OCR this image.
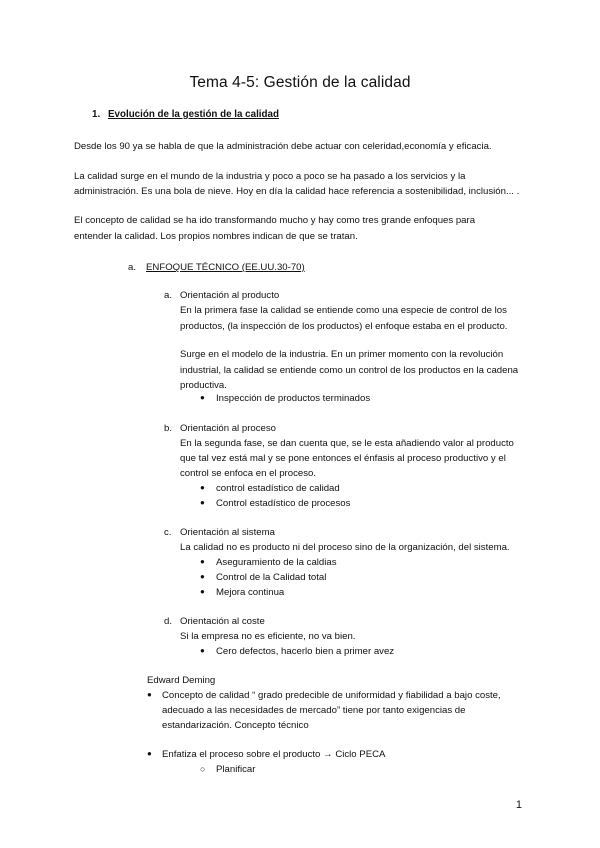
Tema 4-5: Gestión de la calidad
1. Evolución de la gestión de la calidad
Desde los 90 ya se habla de que la administración debe actuar con celeridad,economía y eficacia.
La calidad surge en el mundo de la industria y poco a poco se ha pasado a los servicios y la
administración. Es una bola de nieve. Hoy en día la calidad hace referencia a sostenibilidad, inclusión... .
El concepto de calidad se ha ido transformando mucho y hay como tres grande enfoques para
entender la calidad. Los propios nombres indican de que se tratan.
a. ENFOQUE TÉCNICO (EE.UU.30-70)
a. Orientación al producto
En la primera fase la calidad se entiende como una especie de control de los
productos, (la inspección de los productos) el enfoque estaba en el producto.
Surge en el modelo de la industria. En un primer momento con la revolución
industrial, la calidad se entiende como un control de los productos en la cadena
productiva.
● Inspección de productos terminados
b. Orientación al proceso
En la segunda fase, se dan cuenta que, se le esta añadiendo valor al producto
que tal vez está mal y se pone entonces el énfasis al proceso productivo y el
control se enfoca en el proceso.
● control estadístico de calidad
● Control estadístico de procesos
c. Orientación al sistema
La calidad no es producto ni del proceso sino de la organización, del sistema.
● Aseguramiento de la caldias
● Control de la Calidad total
● Mejora continua
d. Orientación al coste
Si la empresa no es eficiente, no va bien.
● Cero defectos, hacerlo bien a primer avez
Edward Deming
● Concepto de calidad “ grado predecible de uniformidad y fiabilidad a bajo coste,
adecuado a las necesidades de mercado” tiene por tanto exigencias de
estandarización. Concepto técnico
● Enfatiza el proceso sobre el producto → Ciclo PECA
○ Planificar
1
